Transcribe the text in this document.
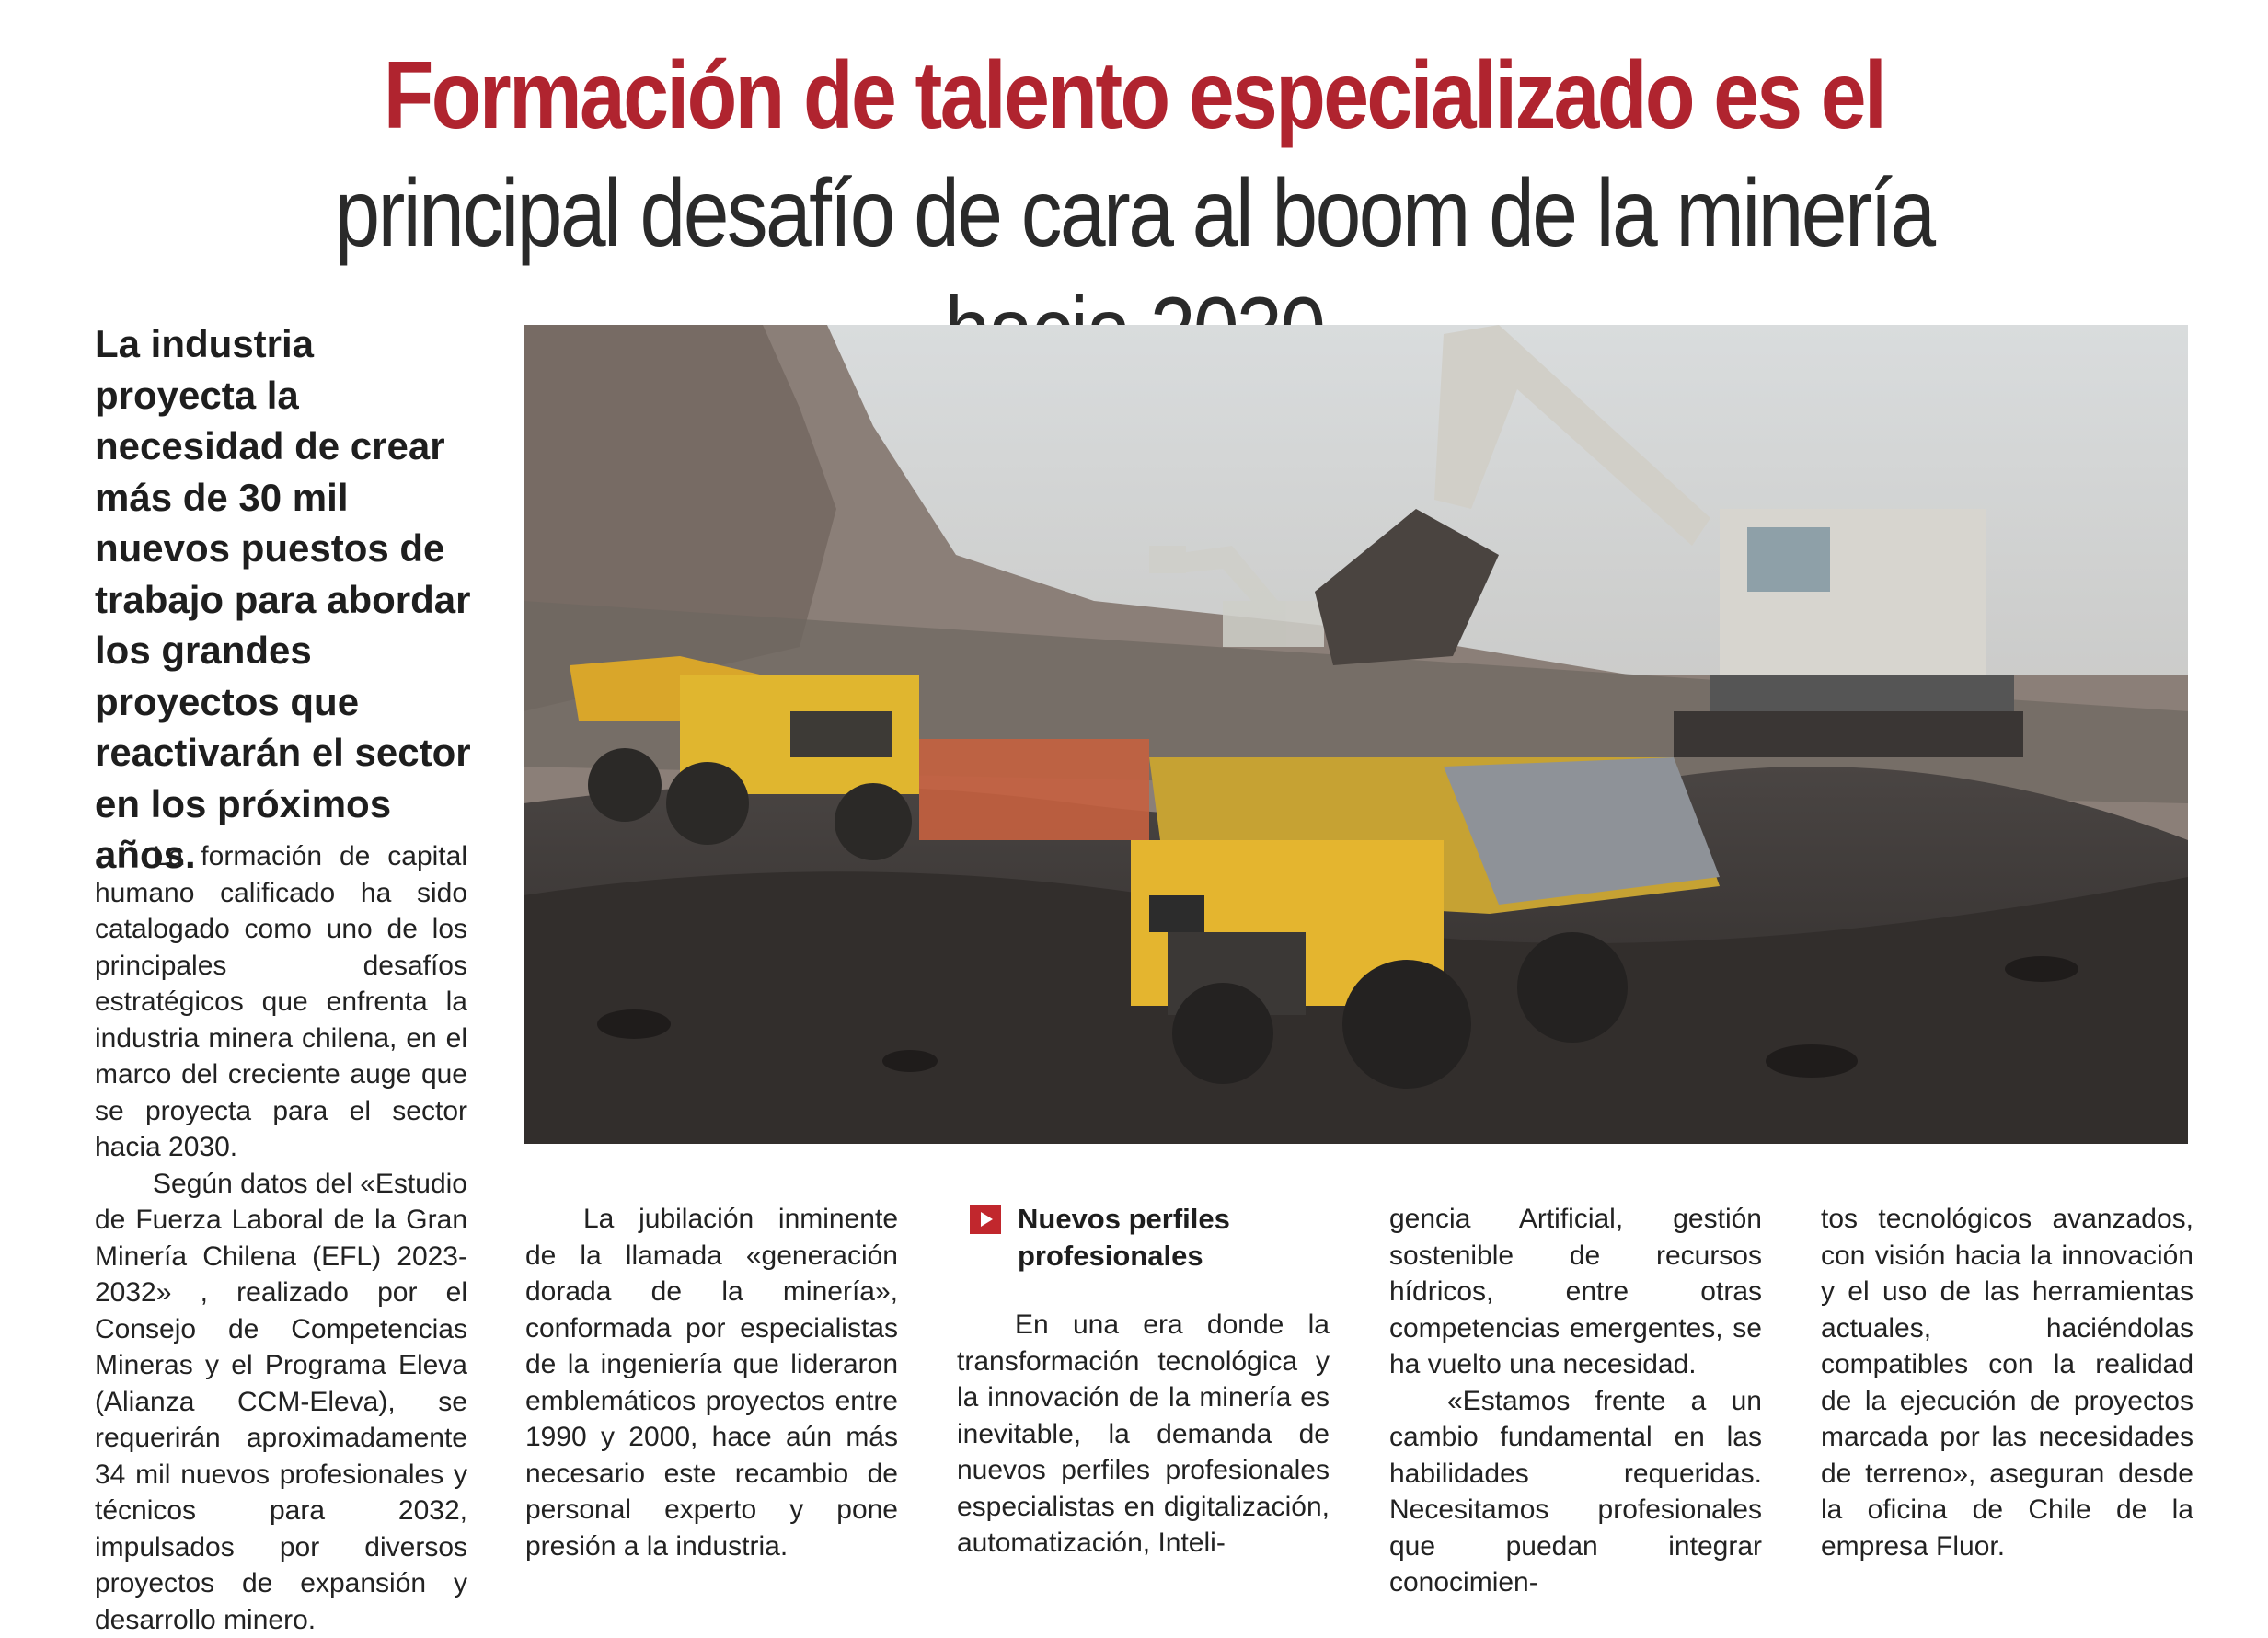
Formación de talento especializado es el principal desafío de cara al boom de la minería

La industria proyecta la necesidad de crear más de 30 mil nuevos puestos de trabajo para abordar los grandes proyectos que reactivarán el sector en los próximos años.

La formación de capital humano calificado ha sido catalogado como uno de los principales desafíos estratégicos que enfrenta la industria minera chilena, en el marco del creciente auge que se proyecta para el sector hacia 2030.

Según datos del «Estudio de Fuerza Laboral de la Gran Minería Chilena (EFL) 2023-2032» , realizado por el Consejo de Competencias Mineras y el Programa Eleva (Alianza CCM-Eleva), se requerirán aproximadamente 34 mil nuevos profesionales y técnicos para 2032, impulsados por diversos proyectos de expansión y desarrollo minero.

La jubilación inminente de la llamada «generación dorada de la minería», conformada por especialistas de la ingeniería que lideraron emblemáticos proyectos entre 1990 y 2000, hace aún más necesario este recambio de personal experto y pone presión a la industria.

Nuevos perfiles profesionales

En una era donde la transformación tecnológica y la innovación de la minería es inevitable, la demanda de nuevos perfiles profesionales especialistas en digitalización, automatización, Inteli-

gencia Artificial, gestión sostenible de recursos hídricos, entre otras competencias emergentes, se ha vuelto una necesidad.

«Estamos frente a un cambio fundamental en las habilidades requeridas. Necesitamos profesionales que puedan integrar conocimien-

tos tecnológicos avanzados, con visión hacia la innovación y el uso de las herramientas actuales, haciéndolas compatibles con la realidad de la ejecución de proyectos marcada por las necesidades de terreno», aseguran desde la oficina de Chile de la empresa Fluor.
